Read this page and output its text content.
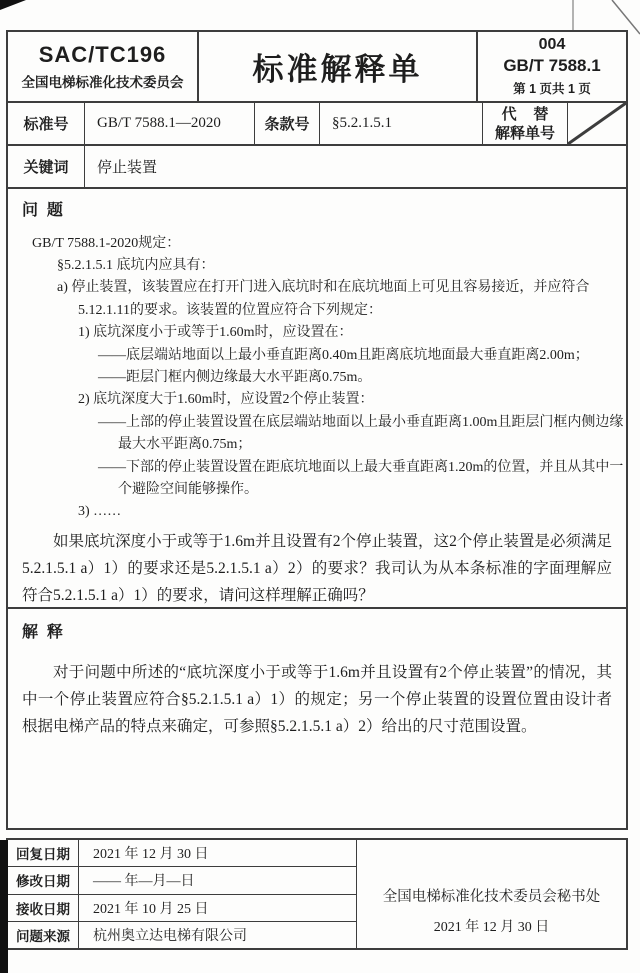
SAC/TC196
全国电梯标准化技术委员会 标准解释单
004
GB/T 7588.1
第 1 页共 1 页
标准号	GB/T 7588.1—2020	条款号	§5.2.1.5.1
代    替
解释单号
关键词	停止装置
问  题
GB/T 7588.1-2020规定：
§5.2.1.5.1 底坑内应具有：
a) 停止装置，该装置应在打开门进入底坑时和在底坑地面上可见且容易接近，并应符合
5.12.1.11的要求。该装置的位置应符合下列规定：
1) 底坑深度小于或等于1.60m时，应设置在：
——底层端站地面以上最小垂直距离0.40m且距离底坑地面最大垂直距离2.00m；
——距层门框内侧边缘最大水平距离0.75m。
2) 底坑深度大于1.60m时，应设置2个停止装置：
——上部的停止装置设置在底层端站地面以上最小垂直距离1.00m且距层门框内侧边缘
最大水平距离0.75m；
——下部的停止装置设置在距底坑地面以上最大垂直距离1.20m的位置，并且从其中一
个避险空间能够操作。
3) ……
如果底坑深度小于或等于1.6m并且设置有2个停止装置，这2个停止装置是必须满足5.2.1.5.1 a）1）的要求还是5.2.1.5.1 a）2）的要求？我司认为从本条标准的字面理解应符合5.2.1.5.1 a）1）的要求，请问这样理解正确吗？
解  释
对于问题中所述的“底坑深度小于或等于1.6m并且设置有2个停止装置”的情况，其中一个停止装置应符合§5.2.1.5.1 a）1）的规定；另一个停止装置的设置位置由设计者根据电梯产品的特点来确定，可参照§5.2.1.5.1 a）2）给出的尺寸范围设置。
回复日期	2021 年 12 月 30 日
修改日期	—— 年—月—日
接收日期	2021 年 10 月 25 日
问题来源	杭州奥立达电梯有限公司
全国电梯标准化技术委员会秘书处
2021 年 12 月 30 日
